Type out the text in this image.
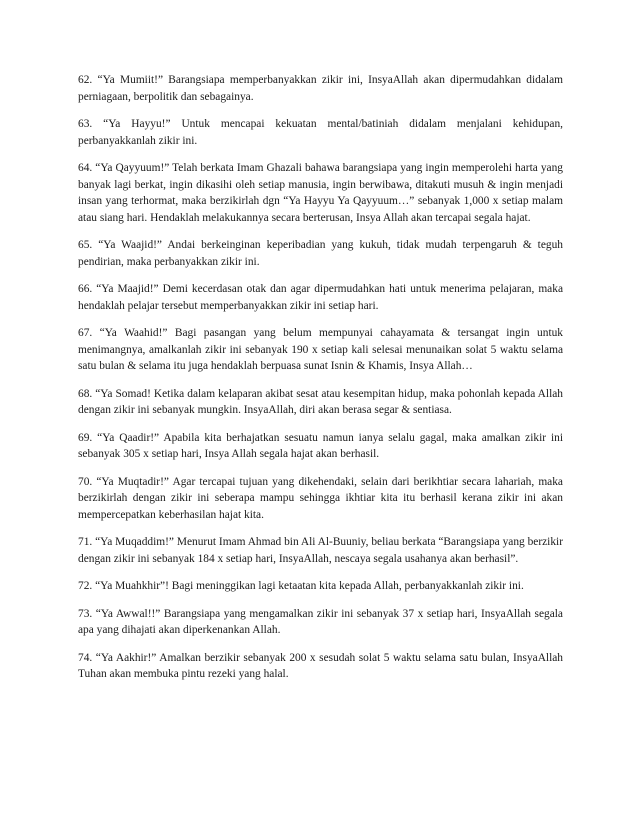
62. “Ya Mumiit!” Barangsiapa memperbanyakkan zikir ini, InsyaAllah akan dipermudahkan didalam perniagaan, berpolitik dan sebagainya.

63. “Ya Hayyu!” Untuk mencapai kekuatan mental/batiniah didalam menjalani kehidupan, perbanyakkanlah zikir ini.

64. “Ya Qayyuum!” Telah berkata Imam Ghazali bahawa barangsiapa yang ingin memperolehi harta yang banyak lagi berkat, ingin dikasihi oleh setiap manusia, ingin berwibawa, ditakuti musuh & ingin menjadi insan yang terhormat, maka berzikirlah dgn “Ya Hayyu Ya Qayyuum…” sebanyak 1,000 x setiap malam atau siang hari. Hendaklah melakukannya secara berterusan, Insya Allah akan tercapai segala hajat.

65. “Ya Waajid!” Andai berkeinginan keperibadian yang kukuh, tidak mudah terpengaruh & teguh pendirian, maka perbanyakkan zikir ini.

66. “Ya Maajid!” Demi kecerdasan otak dan agar dipermudahkan hati untuk menerima pelajaran, maka hendaklah pelajar tersebut memperbanyakkan zikir ini setiap hari.

67. “Ya Waahid!” Bagi pasangan yang belum mempunyai cahayamata & tersangat ingin untuk menimangnya, amalkanlah zikir ini sebanyak 190 x setiap kali selesai menunaikan solat 5 waktu selama satu bulan & selama itu juga hendaklah berpuasa sunat Isnin & Khamis, Insya Allah…

68. “Ya Somad! Ketika dalam kelaparan akibat sesat atau kesempitan hidup, maka pohonlah kepada Allah dengan zikir ini sebanyak mungkin. InsyaAllah, diri akan berasa segar & sentiasa.

69. “Ya Qaadir!” Apabila kita berhajatkan sesuatu namun ianya selalu gagal, maka amalkan zikir ini sebanyak 305 x setiap hari, Insya Allah segala hajat akan berhasil.

70. “Ya Muqtadir!” Agar tercapai tujuan yang dikehendaki, selain dari berikhtiar secara lahariah, maka berzikirlah dengan zikir ini seberapa mampu sehingga ikhtiar kita itu berhasil kerana zikir ini akan mempercepatkan keberhasilan hajat kita.

71. “Ya Muqaddim!” Menurut Imam Ahmad bin Ali Al-Buuniy, beliau berkata “Barangsiapa yang berzikir dengan zikir ini sebanyak 184 x setiap hari, InsyaAllah, nescaya segala usahanya akan berhasil”.

72. “Ya Muahkhir”! Bagi meninggikan lagi ketaatan kita kepada Allah, perbanyakkanlah zikir ini.

73. “Ya Awwal!!” Barangsiapa yang mengamalkan zikir ini sebanyak 37 x setiap hari, InsyaAllah segala apa yang dihajati akan diperkenankan Allah.

74. “Ya Aakhir!” Amalkan berzikir sebanyak 200 x sesudah solat 5 waktu selama satu bulan, InsyaAllah Tuhan akan membuka pintu rezeki yang halal.
